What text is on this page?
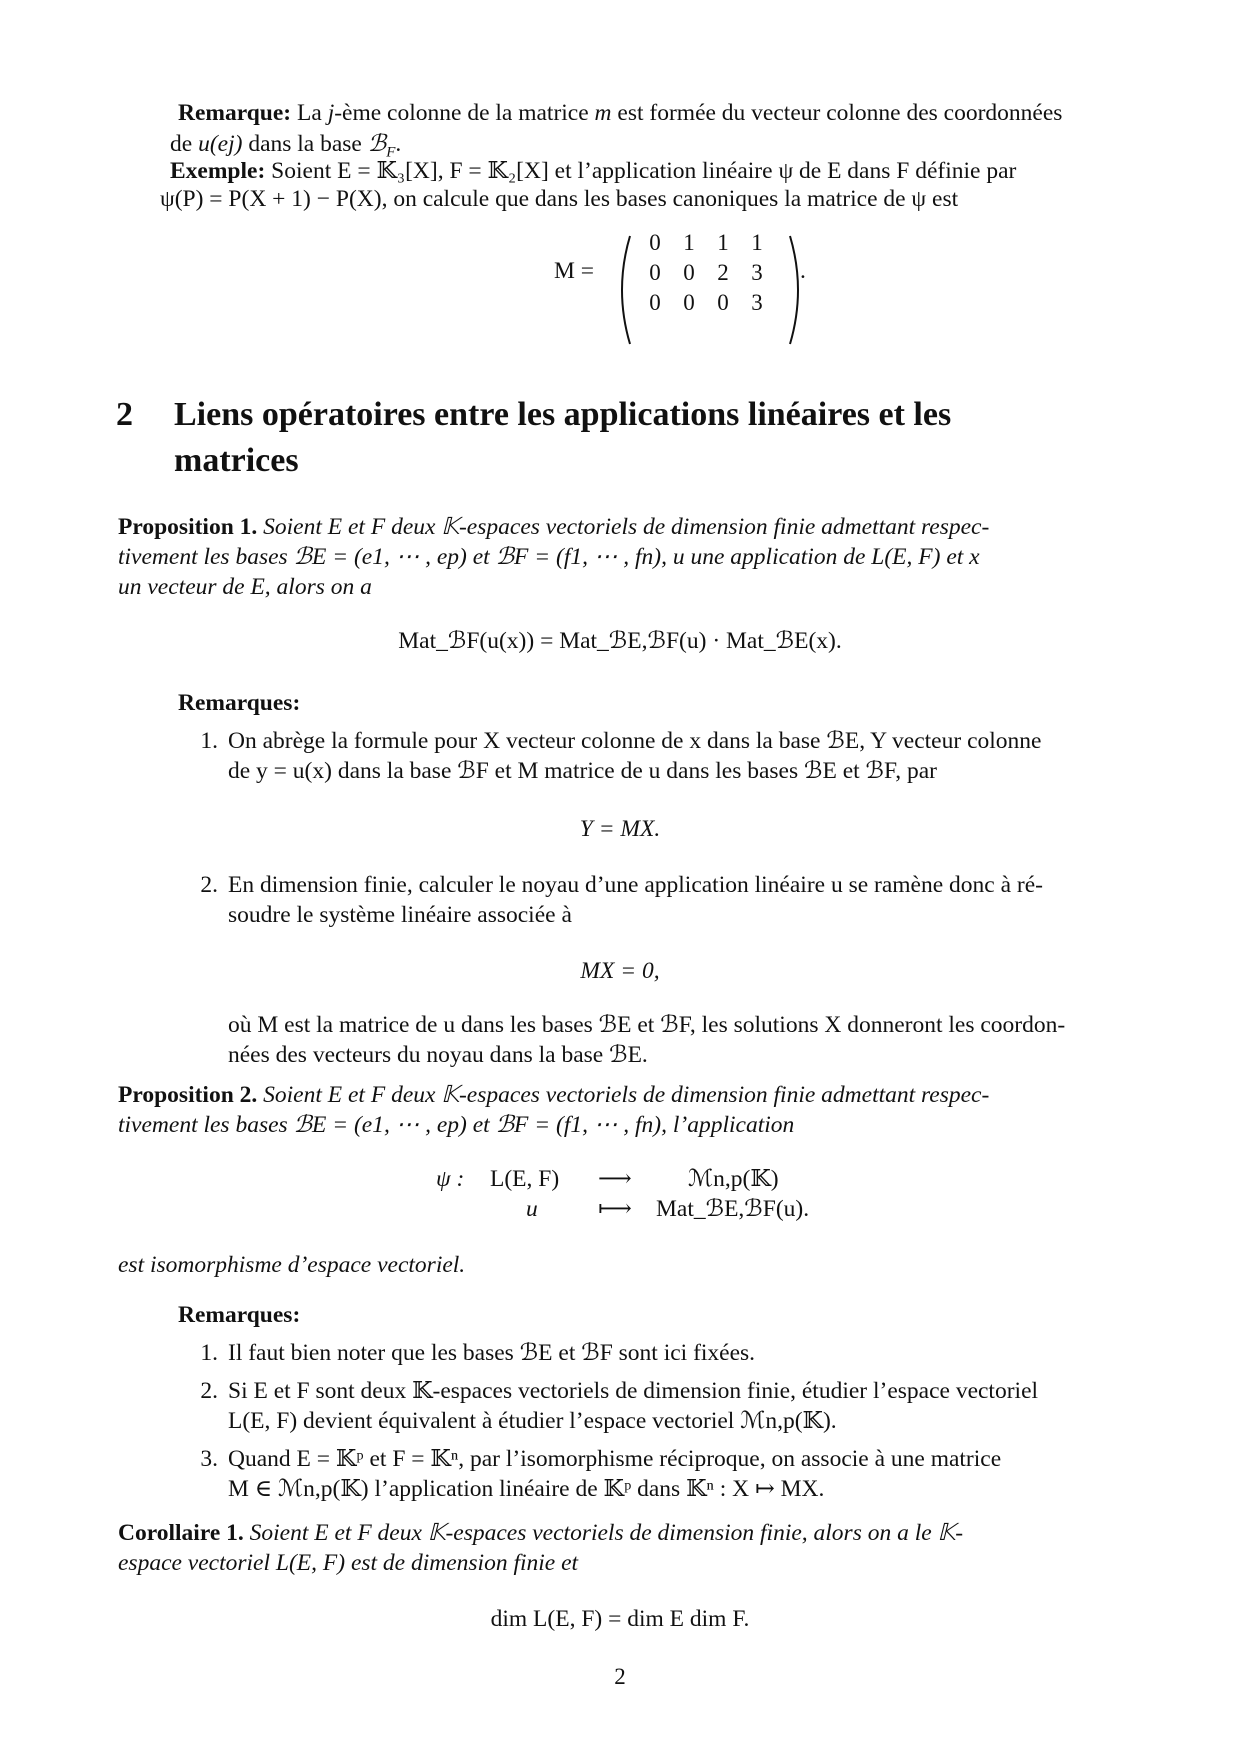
Remarque: La j-ème colonne de la matrice m est formée du vecteur colonne des coordonnées
de u(ej) dans la base ℬ$_F$.
Exemple: Soient E = 𝕂₃[X], F = 𝕂₂[X] et l’application linéaire ψ de E dans F définie par
ψ(P) = P(X + 1) − P(X), on calcule que dans les bases canoniques la matrice de ψ est
M =
0 1 1 1
0 0 2 3
0 0 0 3
.
2 Liens opératoires entre les applications linéaires et les
matrices
Proposition 1. Soient E et F deux 𝕂-espaces vectoriels de dimension finie admettant respec-
tivement les bases ℬE = (e1, ⋯ , ep) et ℬF = (f1, ⋯ , fn), u une application de L(E, F) et x
un vecteur de E, alors on a
Mat_ℬF(u(x)) = Mat_ℬE,ℬF(u) · Mat_ℬE(x).
Remarques:
1. On abrège la formule pour X vecteur colonne de x dans la base ℬE, Y vecteur colonne
de y = u(x) dans la base ℬF et M matrice de u dans les bases ℬE et ℬF, par
Y = MX.
2. En dimension finie, calculer le noyau d’une application linéaire u se ramène donc à ré-
soudre le système linéaire associée à
MX = 0,
où M est la matrice de u dans les bases ℬE et ℬF, les solutions X donneront les coordon-
nées des vecteurs du noyau dans la base ℬE.
Proposition 2. Soient E et F deux 𝕂-espaces vectoriels de dimension finie admettant respec-
tivement les bases ℬE = (e1, ⋯ , ep) et ℬF = (f1, ⋯ , fn), l’application
ψ : L(E, F) ⟶ ℳn,p(𝕂)
u	⟼ Mat_ℬE,ℬF(u).
est isomorphisme d’espace vectoriel.
Remarques:
1. Il faut bien noter que les bases ℬE et ℬF sont ici fixées.
2. Si E et F sont deux 𝕂-espaces vectoriels de dimension finie, étudier l’espace vectoriel
L(E, F) devient équivalent à étudier l’espace vectoriel ℳn,p(𝕂).
3. Quand E = 𝕂ᵖ et F = 𝕂ⁿ, par l’isomorphisme réciproque, on associe à une matrice
M ∈ ℳn,p(𝕂) l’application linéaire de 𝕂ᵖ dans 𝕂ⁿ : X ↦ MX.
Corollaire 1. Soient E et F deux 𝕂-espaces vectoriels de dimension finie, alors on a le 𝕂-
espace vectoriel L(E, F) est de dimension finie et
dim L(E, F) = dim E dim F.
2
